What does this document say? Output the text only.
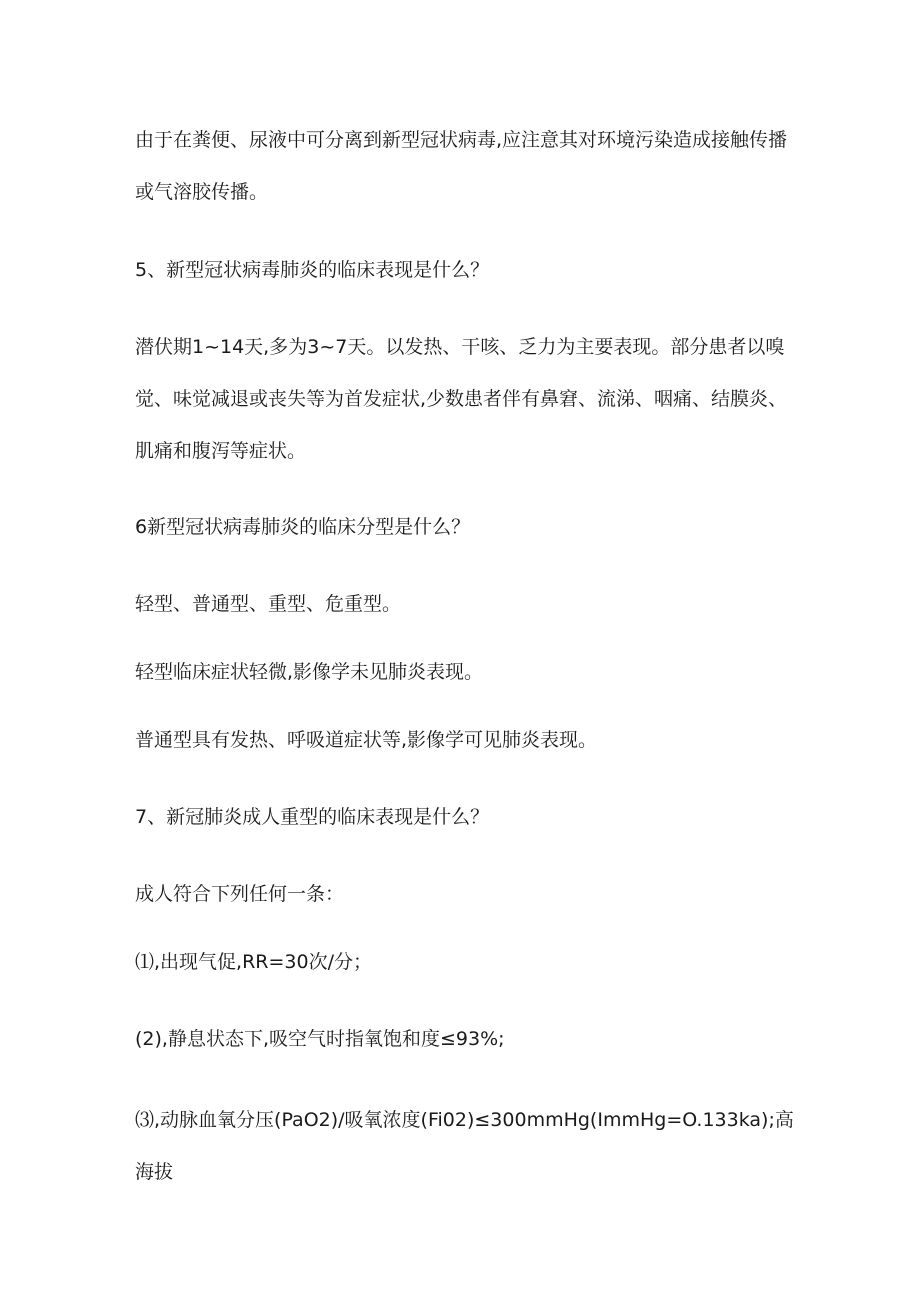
由于在粪便、尿液中可分离到新型冠状病毒,应注意其对环境污染造成接触传播或气溶胶传播。

5、新型冠状病毒肺炎的临床表现是什么？

潜伏期1~14天,多为3~7天。以发热、干咳、乏力为主要表现。部分患者以嗅觉、味觉减退或丧失等为首发症状,少数患者伴有鼻窘、流涕、咽痛、结膜炎、肌痛和腹泻等症状。

6新型冠状病毒肺炎的临床分型是什么？

轻型、普通型、重型、危重型。

轻型临床症状轻微,影像学未见肺炎表现。

普通型具有发热、呼吸道症状等,影像学可见肺炎表现。

7、新冠肺炎成人重型的临床表现是什么？

成人符合下列任何一条：

⑴,出现气促,RR=30次/分；

(2),静息状态下,吸空气时指氧饱和度≤93%;

⑶,动脉血氧分压(PaO2)/吸氧浓度(Fi02)≤300mmHg(ImmHg=O.133ka);高海拔
